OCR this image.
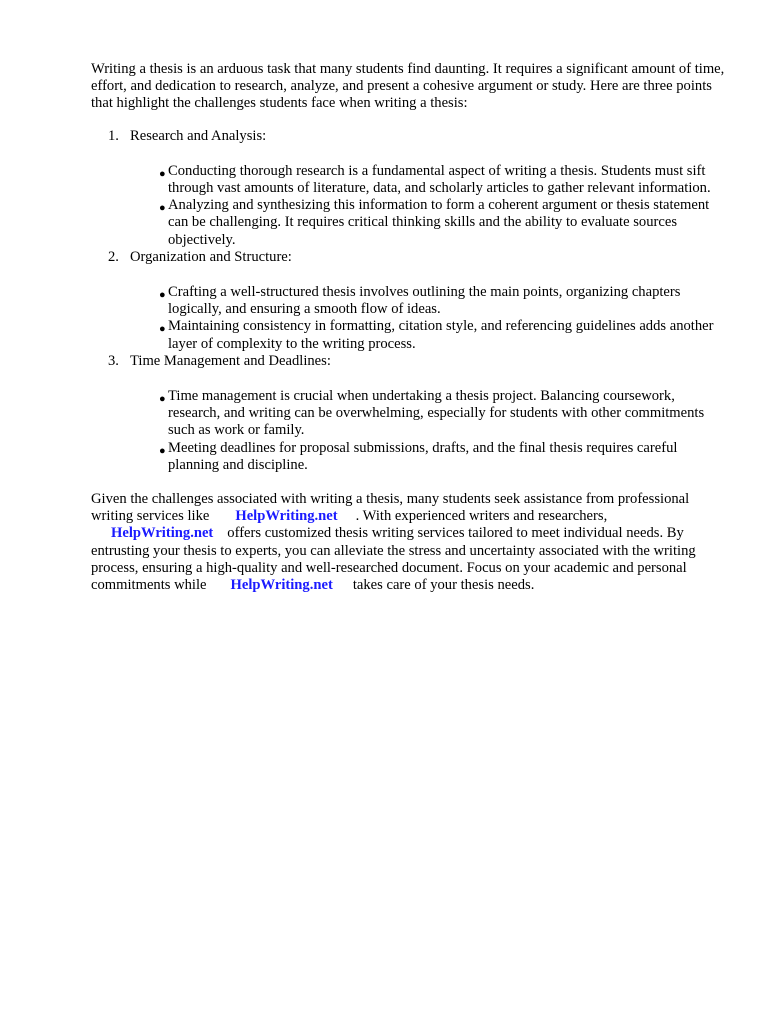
Writing a thesis is an arduous task that many students find daunting. It requires a significant amount of time, effort, and dedication to research, analyze, and present a cohesive argument or study. Here are three points that highlight the challenges students face when writing a thesis:

1. Research and Analysis:
● Conducting thorough research is a fundamental aspect of writing a thesis. Students must sift through vast amounts of literature, data, and scholarly articles to gather relevant information.
● Analyzing and synthesizing this information to form a coherent argument or thesis statement can be challenging. It requires critical thinking skills and the ability to evaluate sources objectively.
2. Organization and Structure:
● Crafting a well-structured thesis involves outlining the main points, organizing chapters logically, and ensuring a smooth flow of ideas.
● Maintaining consistency in formatting, citation style, and referencing guidelines adds another layer of complexity to the writing process.
3. Time Management and Deadlines:
● Time management is crucial when undertaking a thesis project. Balancing coursework, research, and writing can be overwhelming, especially for students with other commitments such as work or family.
● Meeting deadlines for proposal submissions, drafts, and the final thesis requires careful planning and discipline.

Given the challenges associated with writing a thesis, many students seek assistance from professional writing services like HelpWriting.net . With experienced writers and researchers, HelpWriting.net offers customized thesis writing services tailored to meet individual needs. By entrusting your thesis to experts, you can alleviate the stress and uncertainty associated with the writing process, ensuring a high-quality and well-researched document. Focus on your academic and personal commitments while HelpWriting.net takes care of your thesis needs.
